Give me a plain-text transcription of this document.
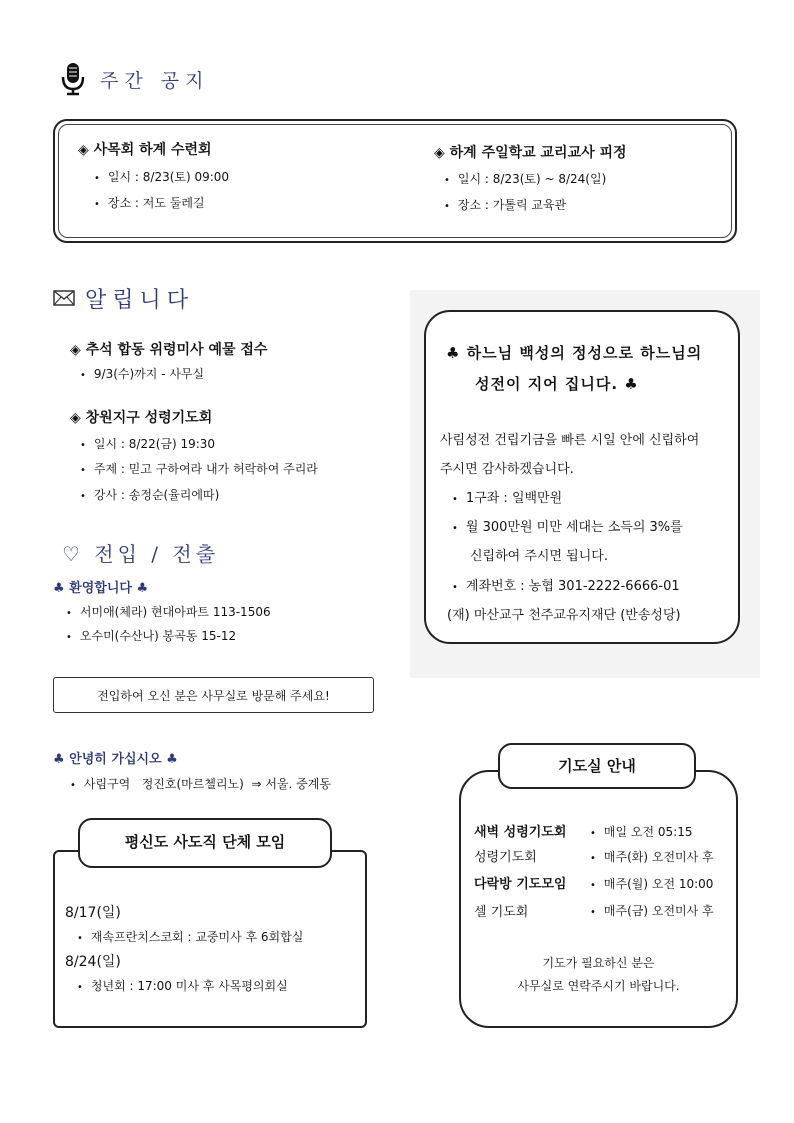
주간 공지
◈ 사목회 하계 수련회
• 일시 : 8/23(토) 09:00
• 장소 : 저도 둘레길
◈ 하계 주일학교 교리교사 피정
• 일시 : 8/23(토) ~ 8/24(일)
• 장소 : 가톨릭 교육관
알립니다
◈ 추석 합동 위령미사 예물 접수
• 9/3(수)까지 - 사무실
◈ 창원지구 성령기도회
• 일시 : 8/22(금) 19:30
• 주제 : 믿고 구하여라 내가 허락하여 주리라
• 강사 : 송정순(율리에따)
♣ 하느님 백성의 정성으로 하느님의
성전이 지어 집니다. ♣
사림성전 건립기금을 빠른 시일 안에 신립하여
주시면 감사하겠습니다.
• 1구좌 : 일백만원
• 월 300만원 미만 세대는 소득의 3%를
신립하여 주시면 됩니다.
• 계좌번호 : 농협 301-2222-6666-01
(재) 마산교구 천주교유지재단 (반송성당)
♡ 전입 / 전출
♣ 환영합니다 ♣
• 서미애(체라) 현대아파트 113-1506
• 오수미(수산나) 봉곡동 15-12
전입하여 오신 분은 사무실로 방문해 주세요!
♣ 안녕히 가십시오 ♣
• 사림구역   정진호(마르첼리노)  ⇒ 서울. 중계동
평신도 사도직 단체 모임
8/17(일)
• 재속프란치스코회 : 교중미사 후 6회합실
8/24(일)
• 청년회 : 17:00 미사 후 사목평의회실
기도실 안내
새벽 성령기도회	• 매일 오전 05:15
성령기도회	• 매주(화) 오전미사 후
다락방 기도모임	• 매주(월) 오전 10:00
셀 기도회	• 매주(금) 오전미사 후
기도가 필요하신 분은
사무실로 연락주시기 바랍니다.
